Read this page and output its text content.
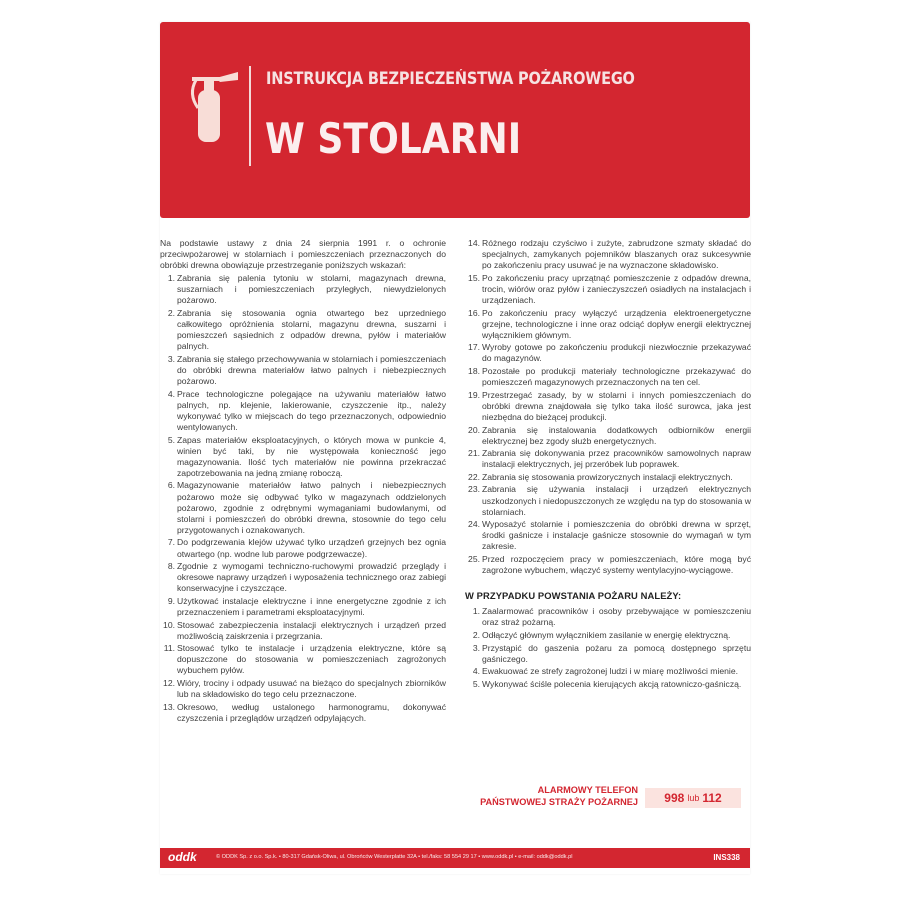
INSTRUKCJA BEZPIECZEŃSTWA POŻAROWEGO
W STOLARNI

Na podstawie ustawy z dnia 24 sierpnia 1991 r. o ochronie przeciwpożarowej w stolarniach i pomieszczeniach przeznaczonych do obróbki drewna obowiązuje przestrzeganie poniższych wskazań:

1. Zabrania się palenia tytoniu w stolarni, magazynach drewna, suszarniach i pomieszczeniach przyległych, niewydzielonych pożarowo.
2. Zabrania się stosowania ognia otwartego bez uprzedniego całkowitego opróżnienia stolarni, magazynu drewna, suszarni i pomieszczeń sąsiednich z odpadów drewna, pyłów i materiałów palnych.
3. Zabrania się stałego przechowywania w stolarniach i pomieszczeniach do obróbki drewna materiałów łatwo palnych i niebezpiecznych pożarowo.
4. Prace technologiczne polegające na używaniu materiałów łatwo palnych, np. klejenie, lakierowanie, czyszczenie itp., należy wykonywać tylko w miejscach do tego przeznaczonych, odpowiednio wentylowanych.
5. Zapas materiałów eksploatacyjnych, o których mowa w punkcie 4, winien być taki, by nie występowała konieczność jego magazynowania. Ilość tych materiałów nie powinna przekraczać zapotrzebowania na jedną zmianę roboczą.
6. Magazynowanie materiałów łatwo palnych i niebezpiecznych pożarowo może się odbywać tylko w magazynach oddzielonych pożarowo, zgodnie z odrębnymi wymaganiami budowlanymi, od stolarni i pomieszczeń do obróbki drewna, stosownie do tego celu przygotowanych i oznakowanych.
7. Do podgrzewania klejów używać tylko urządzeń grzejnych bez ognia otwartego (np. wodne lub parowe podgrzewacze).
8. Zgodnie z wymogami techniczno-ruchowymi prowadzić przeglądy i okresowe naprawy urządzeń i wyposażenia technicznego oraz zabiegi konserwacyjne i czyszczące.
9. Użytkować instalacje elektryczne i inne energetyczne zgodnie z ich przeznaczeniem i parametrami eksploatacyjnymi.
10. Stosować zabezpieczenia instalacji elektrycznych i urządzeń przed możliwością zaiskrzenia i przegrzania.
11. Stosować tylko te instalacje i urządzenia elektryczne, które są dopuszczone do stosowania w pomieszczeniach zagrożonych wybuchem pyłów.
12. Wióry, trociny i odpady usuwać na bieżąco do specjalnych zbiorników lub na składowisko do tego celu przeznaczone.
13. Okresowo, według ustalonego harmonogramu, dokonywać czyszczenia i przeglądów urządzeń odpylających.
14. Różnego rodzaju czyściwo i zużyte, zabrudzone szmaty składać do specjalnych, zamykanych pojemników blaszanych oraz sukcesywnie po zakończeniu pracy usuwać je na wyznaczone składowisko.
15. Po zakończeniu pracy uprzątnąć pomieszczenie z odpadów drewna, trocin, wiórów oraz pyłów i zanieczyszczeń osiadłych na instalacjach i urządzeniach.
16. Po zakończeniu pracy wyłączyć urządzenia elektroenergetyczne grzejne, technologiczne i inne oraz odciąć dopływ energii elektrycznej wyłącznikiem głównym.
17. Wyroby gotowe po zakończeniu produkcji niezwłocznie przekazywać do magazynów.
18. Pozostałe po produkcji materiały technologiczne przekazywać do pomieszczeń magazynowych przeznaczonych na ten cel.
19. Przestrzegać zasady, by w stolarni i innych pomieszczeniach do obróbki drewna znajdowała się tylko taka ilość surowca, jaka jest niezbędna do bieżącej produkcji.
20. Zabrania się instalowania dodatkowych odbiorników energii elektrycznej bez zgody służb energetycznych.
21. Zabrania się dokonywania przez pracowników samowolnych napraw instalacji elektrycznych, jej przeróbek lub poprawek.
22. Zabrania się stosowania prowizorycznych instalacji elektrycznych.
23. Zabrania się używania instalacji i urządzeń elektrycznych uszkodzonych i niedopuszczonych ze względu na typ do stosowania w stolarniach.
24. Wyposażyć stolarnie i pomieszczenia do obróbki drewna w sprzęt, środki gaśnicze i instalacje gaśnicze stosownie do wymagań w tym zakresie.
25. Przed rozpoczęciem pracy w pomieszczeniach, które mogą być zagrożone wybuchem, włączyć systemy wentylacyjno-wyciągowe.
W PRZYPADKU POWSTANIA POŻARU NALEŻY:
1. Zaalarmować pracowników i osoby przebywające w pomieszczeniu oraz straż pożarną.
2. Odłączyć głównym wyłącznikiem zasilanie w energię elektryczną.
3. Przystąpić do gaszenia pożaru za pomocą dostępnego sprzętu gaśniczego.
4. Ewakuować ze strefy zagrożonej ludzi i w miarę możliwości mienie.
5. Wykonywać ściśle polecenia kierujących akcją ratowniczo-gaśniczą.
ALARMOWY TELEFON
PAŃSTWOWEJ STRAŻY POŻARNEJ 998 lub 112
oddk	© ODDK Sp. z o.o. Sp.k. • 80-317 Gdańsk-Oliwa, ul. Obrońców Westerplatte 32A • tel./faks: 58 554 29 17 • www.oddk.pl • e-mail: oddk@oddk.pl	INS338
